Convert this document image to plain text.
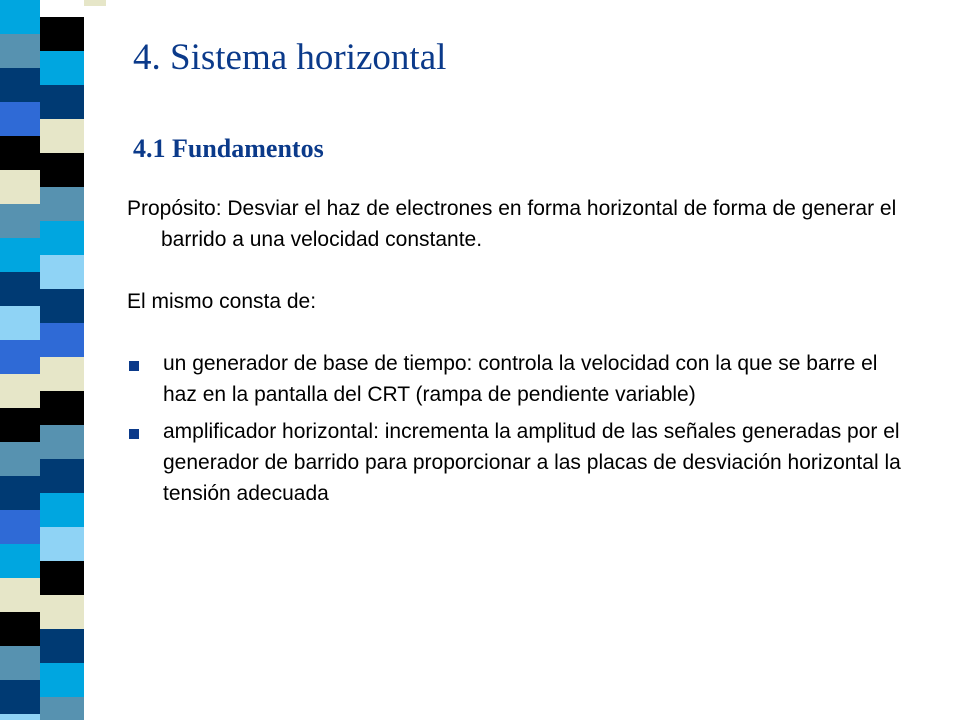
4. Sistema horizontal
4.1 Fundamentos

Propósito: Desviar el haz de electrones en forma horizontal de forma de generar el barrido a una velocidad constante.

El mismo consta de:

un generador de base de tiempo: controla la velocidad con la que se barre el haz en la pantalla del CRT (rampa de pendiente variable)
amplificador horizontal: incrementa la amplitud de las señales generadas por el generador de barrido para proporcionar a las placas de desviación horizontal la tensión adecuada
